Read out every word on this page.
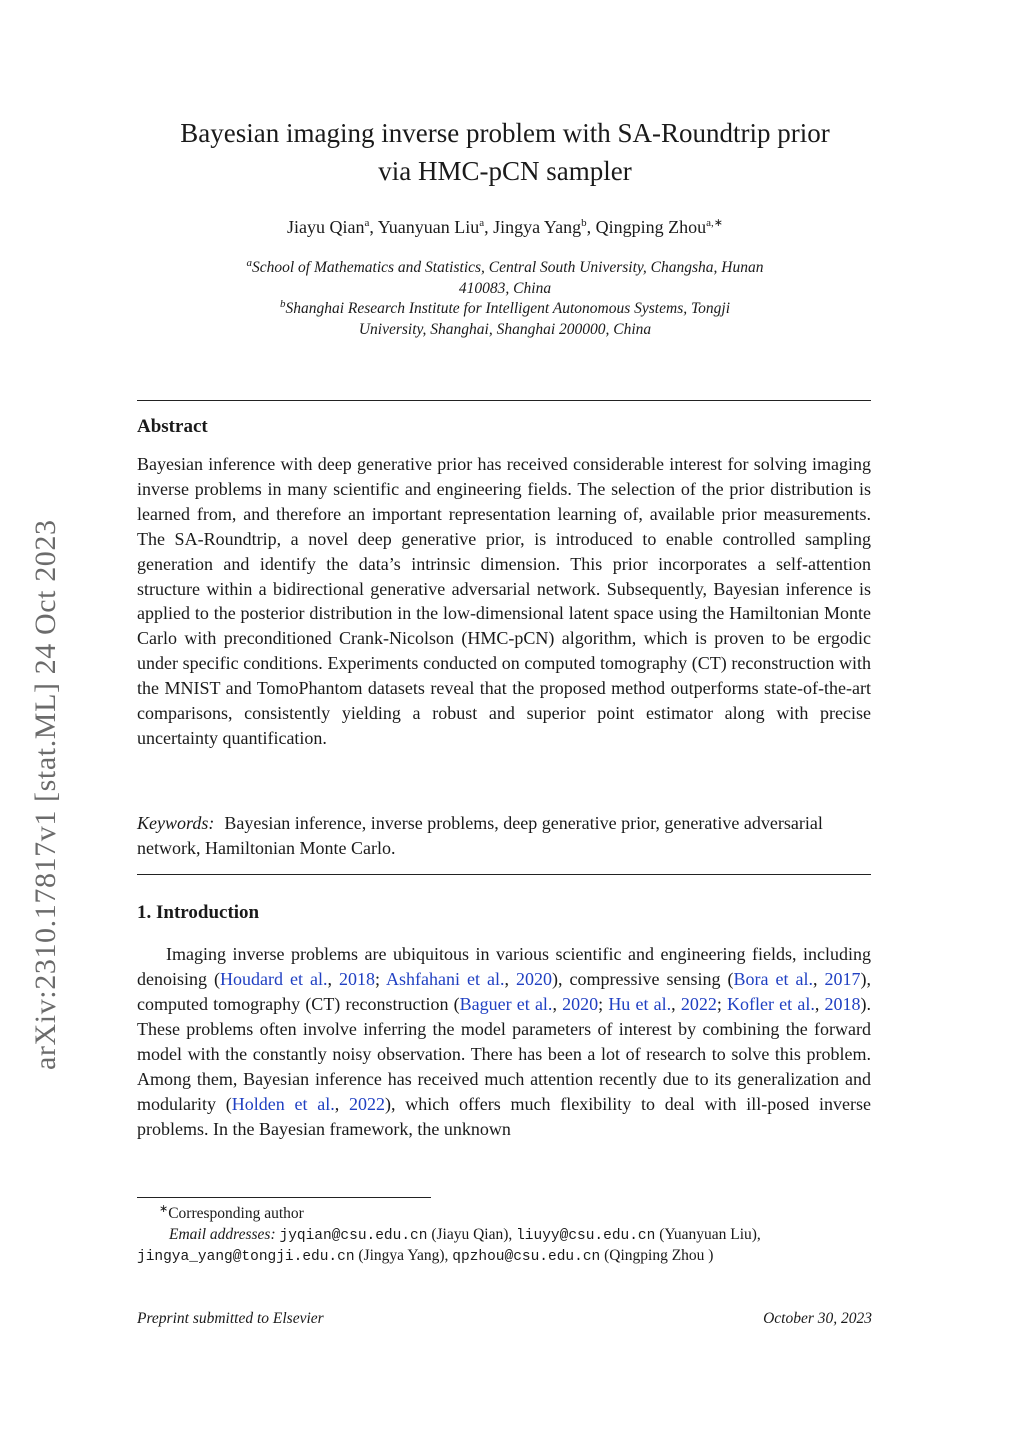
arXiv:2310.17817v1 [stat.ML] 24 Oct 2023
Bayesian imaging inverse problem with SA-Roundtrip prior
via HMC-pCN sampler
Jiayu Qian$^a$, Yuanyuan Liu$^a$, Jingya Yang$^b$, Qingping Zhou$^{a,∗}$
$^a$School of Mathematics and Statistics, Central South University, Changsha, Hunan
410083, China
$^b$Shanghai Research Institute for Intelligent Autonomous Systems, Tongji
University, Shanghai, Shanghai 200000, China
Abstract

Bayesian inference with deep generative prior has received considerable interest for solving imaging inverse problems in many scientific and engineering fields. The selection of the prior distribution is learned from, and therefore an important representation learning of, available prior measurements. The SA-Roundtrip, a novel deep generative prior, is introduced to enable controlled sampling generation and identify the data’s intrinsic dimension. This prior incorporates a self-attention structure within a bidirectional generative adversarial network. Subsequently, Bayesian inference is applied to the posterior distribution in the low-dimensional latent space using the Hamiltonian Monte Carlo with preconditioned Crank-Nicolson (HMC-pCN) algorithm, which is proven to be ergodic under specific conditions. Experiments conducted on computed tomography (CT) reconstruction with the MNIST and TomoPhantom datasets reveal that the proposed method outperforms state-of-the-art comparisons, consistently yielding a robust and superior point estimator along with precise uncertainty quantification.

Keywords: Bayesian inference, inverse problems, deep generative prior, generative adversarial network, Hamiltonian Monte Carlo.
1. Introduction

Imaging inverse problems are ubiquitous in various scientific and engineering fields, including denoising (Houdard et al., 2018; Ashfahani et al., 2020), compressive sensing (Bora et al., 2017), computed tomography (CT) reconstruction (Baguer et al., 2020; Hu et al., 2022; Kofler et al., 2018). These problems often involve inferring the model parameters of interest by combining the forward model with the constantly noisy observation. There has been a lot of research to solve this problem. Among them, Bayesian inference has received much attention recently due to its generalization and modularity (Holden et al., 2022), which offers much flexibility to deal with ill-posed inverse problems. In the Bayesian framework, the unknown

∗Corresponding author
Email addresses: jyqian@csu.edu.cn (Jiayu Qian), liuyy@csu.edu.cn (Yuanyuan Liu),
jingya_yang@tongji.edu.cn (Jingya Yang), qpzhou@csu.edu.cn (Qingping Zhou )
Preprint submitted to Elsevier	October 30, 2023
